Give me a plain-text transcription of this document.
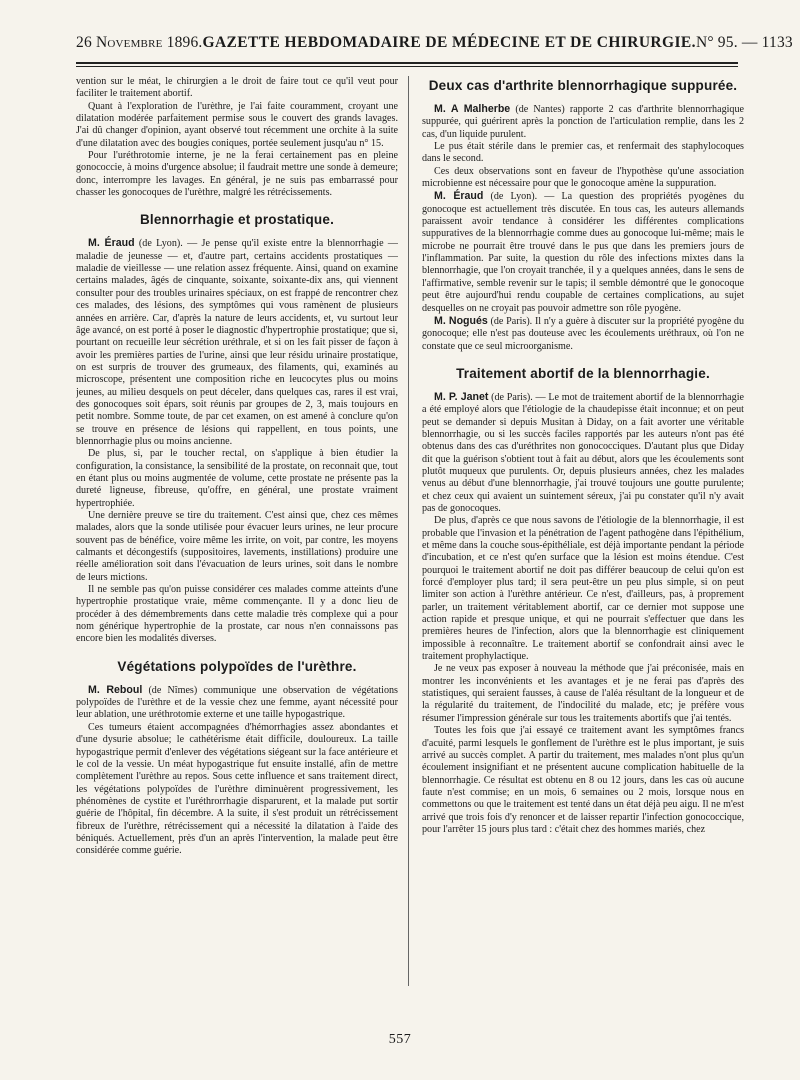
26 Novembre 1896. GAZETTE HEBDOMADAIRE DE MÉDECINE ET DE CHIRURGIE. N° 95. — 1133

vention sur le méat, le chirurgien a le droit de faire tout ce qu'il veut pour faciliter le traitement abortif.

Quant à l'exploration de l'urèthre, je l'ai faite couramment, croyant une dilatation modérée parfaitement permise sous le couvert des grands lavages. J'ai dû changer d'opinion, ayant observé tout récemment une orchite à la suite d'une dilatation avec des bougies coniques, portée seulement jusqu'au n° 15.

Pour l'uréthrotomie interne, je ne la ferai certainement pas en pleine gonococcie, à moins d'urgence absolue; il faudrait mettre une sonde à demeure; donc, interrompre les lavages. En général, je ne suis pas embarrassé pour chasser les gonocoques de l'urèthre, malgré les rétrécissements.

Blennorrhagie et prostatique.

M. Éraud (de Lyon). — Je pense qu'il existe entre la blennorrhagie — maladie de jeunesse — et, d'autre part, certains accidents prostatiques — maladie de vieillesse — une relation assez fréquente. Ainsi, quand on examine certains malades, âgés de cinquante, soixante, soixante-dix ans, qui viennent consulter pour des troubles urinaires spéciaux, on est frappé de rencontrer chez ces malades, des lésions, des symptômes qui vous ramènent de plusieurs années en arrière. Car, d'après la nature de leurs accidents, et, vu surtout leur âge avancé, on est porté à poser le diagnostic d'hypertrophie prostatique; que si, pourtant on recueille leur sécrétion uréthrale, et si on les fait pisser de façon à avoir les premières parties de l'urine, ainsi que leur résidu urinaire prostatique, on est surpris de trouver des grumeaux, des filaments, qui, examinés au microscope, présentent une composition riche en leucocytes plus ou moins jeunes, au milieu desquels on peut déceler, dans quelques cas, rares il est vrai, des gonocoques soit épars, soit réunis par groupes de 2, 3, mais toujours en petit nombre. Somme toute, de par cet examen, on est amené à conclure qu'on se trouve en présence de lésions qui rappellent, en tous points, une blennorrhagie plus ou moins ancienne.

De plus, si, par le toucher rectal, on s'applique à bien étudier la configuration, la consistance, la sensibilité de la prostate, on reconnait que, tout en étant plus ou moins augmentée de volume, cette prostate ne présente pas la dureté ligneuse, fibreuse, qu'offre, en général, une prostate vraiment hypertrophiée.

Une dernière preuve se tire du traitement. C'est ainsi que, chez ces mêmes malades, alors que la sonde utilisée pour évacuer leurs urines, ne leur procure souvent pas de bénéfice, voire même les irrite, on voit, par contre, les moyens calmants et décongestifs (suppositoires, lavements, instillations) produire une réelle amélioration soit dans l'évacuation de leurs urines, soit dans le nombre de leurs mictions.

Il ne semble pas qu'on puisse considérer ces malades comme atteints d'une hypertrophie prostatique vraie, même commençante. Il y a donc lieu de procéder à des démembrements dans cette maladie très complexe qui a pour nom générique hypertrophie de la prostate, car nous n'en connaissons pas encore bien les modalités diverses.

Végétations polypoïdes de l'urèthre.

M. Reboul (de Nîmes) communique une observation de végétations polypoïdes de l'urèthre et de la vessie chez une femme, ayant nécessité pour leur ablation, une uréthrotomie externe et une taille hypogastrique.

Ces tumeurs étaient accompagnées d'hémorrhagies assez abondantes et d'une dysurie absolue; le cathétérisme était difficile, douloureux. La taille hypogastrique permit d'enlever des végétations siégeant sur la face antérieure et le col de la vessie. Un méat hypogastrique fut ensuite installé, afin de mettre complètement l'urèthre au repos. Sous cette influence et sans traitement direct, les végétations polypoïdes de l'urèthre diminuèrent progressivement, les phénomènes de cystite et l'uréthrorrhagie disparurent, et la malade put sortir guérie de l'hôpital, fin décembre. A la suite, il s'est produit un rétrécissement fibreux de l'urèthre, rétrécissement qui a nécessité la dilatation à l'aide des béniqués. Actuellement, près d'un an après l'intervention, la malade peut être considérée comme guérie.

Deux cas d'arthrite blennorrhagique suppurée.

M. A Malherbe (de Nantes) rapporte 2 cas d'arthrite blennorrhagique suppurée, qui guérirent après la ponction de l'articulation remplie, dans les 2 cas, d'un liquide purulent.

Le pus était stérile dans le premier cas, et renfermait des staphylocoques dans le second.

Ces deux observations sont en faveur de l'hypothèse qu'une association microbienne est nécessaire pour que le gonocoque amène la suppuration.

M. Éraud (de Lyon). — La question des propriétés pyogènes du gonocoque est actuellement très discutée. En tous cas, les auteurs allemands paraissent avoir tendance à considérer les différentes complications suppuratives de la blennorrhagie comme dues au gonocoque lui-même; mais le microbe ne pourrait être trouvé dans le pus que dans les premiers jours de l'inflammation. Par suite, la question du rôle des infections mixtes dans la blennorrhagie, que l'on croyait tranchée, il y a quelques années, dans le sens de l'affirmative, semble revenir sur le tapis; il semble démontré que le gonocoque peut être aujourd'hui rendu coupable de certaines complications, au sujet desquelles on ne croyait pas pouvoir admettre son rôle pyogène.

M. Nogués (de Paris). Il n'y a guère à discuter sur la propriété pyogène du gonocoque; elle n'est pas douteuse avec les écoulements uréthraux, où l'on ne constate que ce seul microorganisme.

Traitement abortif de la blennorrhagie.

M. P. Janet (de Paris). — Le mot de traitement abortif de la blennorrhagie a été employé alors que l'étiologie de la chaudepisse était inconnue; et on peut peut se demander si depuis Musitan à Diday, on a fait avorter une véritable blennorrhagie, ou si les succès faciles rapportés par les auteurs n'ont pas été obtenus dans des cas d'uréthrites non gonococciques. D'autant plus que Diday dit que la guérison s'obtient tout à fait au début, alors que les écoulements sont plutôt muqueux que purulents. Or, depuis plusieurs années, chez les malades venus au début d'une blennorrhagie, j'ai trouvé toujours une goutte purulente; et chez ceux qui avaient un suintement séreux, j'ai pu constater qu'il n'y avait pas de gonocoques.

De plus, d'après ce que nous savons de l'étiologie de la blennorrhagie, il est probable que l'invasion et la pénétration de l'agent pathogène dans l'épithélium, et même dans la couche sous-épithéliale, est déjà importante pendant la période d'incubation, et ce n'est qu'en surface que la lésion est moins étendue. C'est pourquoi le traitement abortif ne doit pas différer beaucoup de celui qu'on est forcé d'employer plus tard; il sera peut-être un peu plus simple, si on peut limiter son action à l'urèthre antérieur. Ce n'est, d'ailleurs, pas, à proprement parler, un traitement véritablement abortif, car ce dernier mot suppose une action rapide et presque unique, et qui ne pourrait s'effectuer que dans les premières heures de l'infection, alors que la blennorrhagie est cliniquement impossible à reconnaître. Le traitement abortif se confondrait ainsi avec le traitement prophylactique.

Je ne veux pas exposer à nouveau la méthode que j'ai préconisée, mais en montrer les inconvénients et les avantages et je ne ferai pas d'après des statistiques, qui seraient fausses, à cause de l'aléa résultant de la longueur et de la régularité du traitement, de l'indocilité du malade, etc; je préfère vous résumer l'impression générale sur tous les traitements abortifs que j'ai tentés.

Toutes les fois que j'ai essayé ce traitement avant les symptômes francs d'acuité, parmi lesquels le gonflement de l'urèthre est le plus important, je suis arrivé au succès complet. A partir du traitement, mes malades n'ont plus qu'un écoulement insignifiant et ne présentent aucune complication habituelle de la blennorrhagie. Ce résultat est obtenu en 8 ou 12 jours, dans les cas où aucune faute n'est commise; en un mois, 6 semaines ou 2 mois, lorsque nous en commettons ou que le traitement est tenté dans un état déjà peu aigu. Il ne m'est arrivé que trois fois d'y renoncer et de laisser repartir l'infection gonococcique, pour l'arrêter 15 jours plus tard : c'était chez des hommes mariés, chez

557
